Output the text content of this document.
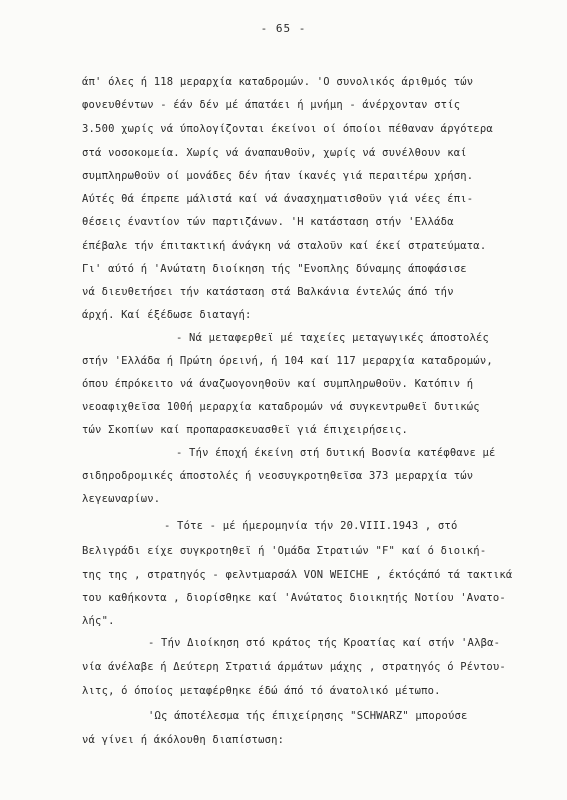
- 65 -
άπ' όλες ή 118 μεραρχία καταδρομών. 'Ο συνολικός άριθμός τών
φονευθέντων - έάν δέν μέ άπατάει ή μνήμη - άνέρχονταν στίς
3.500 χωρίς νά ύπολογίζονται έκείνοι οί όποίοι πέθαναν άργότερα
στά νοσοκομεία. Χωρίς νά άναπαυθοϋν, χωρίς νά συνέλθουν καί
συμπληρωθοϋν οί μονάδες δέν ήταν ίκανές γιά περαιτέρω χρήση.
Αύτές θά έπρεπε μάλιστά καί νά άνασχηματισθοϋν γιά νέες έπι-
θέσεις έναντίον τών παρτιζάνων. 'Η κατάσταση στήν 'Ελλάδα
έπέβαλε τήν έπιτακτική άνάγκη νά σταλοϋν καί έκεί στρατεύματα.
Γι' αύτό ή 'Ανώτατη διοίκηση τής "Ενοπλης δύναμης άποφάσισε
νά διευθετήσει τήν κατάσταση στά Βαλκάνια έντελώς άπό τήν
άρχή. Καί έξέδωσε διαταγή:
- Νά μεταφερθεϊ μέ ταχείες μεταγωγικές άποστολές
στήν 'Ελλάδα ή Πρώτη όρεινή, ή 104 καί 117 μεραρχία καταδρομών,
όπου έπρόκειτο νά άναζωογονηθοϋν καί συμπληρωθοϋν. Κατόπιν ή
νεοαφιχθεϊσα 100ή μεραρχία καταδρομών νά συγκεντρωθεϊ δυτικώς
τών Σκοπίων καί προπαρασκευασθεϊ γιά έπιχειρήσεις.
- Τήν έποχή έκείνη στή δυτική Βοσνία κατέφθανε μέ
σιδηροδρομικές άποστολές ή νεοσυγκροτηθεϊσα 373 μεραρχία τών
λεγεωναρίων.
- Τότε - μέ ήμερομηνία τήν 20.VIII.1943 , στό
Βελιγράδι είχε συγκροτηθεϊ ή 'Ομάδα Στρατιών "F" καί ό διοική-
της της , στρατηγός - φελντμαρσάλ VON WEICHE , έκτόςάπό τά τακτικά
του καθήκοντα , διορίσθηκε καί 'Ανώτατος διοικητής Νοτίου 'Ανατο-
λής".
- Τήν Διοίκηση στό κράτος τής Κροατίας καί στήν 'Αλβα-
νία άνέλαβε ή Δεύτερη Στρατιά άρμάτων μάχης , στρατηγός ό Ρέντου-
λιτς, ό όποίος μεταφέρθηκε έδώ άπό τό άνατολικό μέτωπο.
'Ως άποτέλεσμα τής έπιχείρησης "SCHWARZ" μπορούσε
νά γίνει ή άκόλουθη διαπίστωση:
